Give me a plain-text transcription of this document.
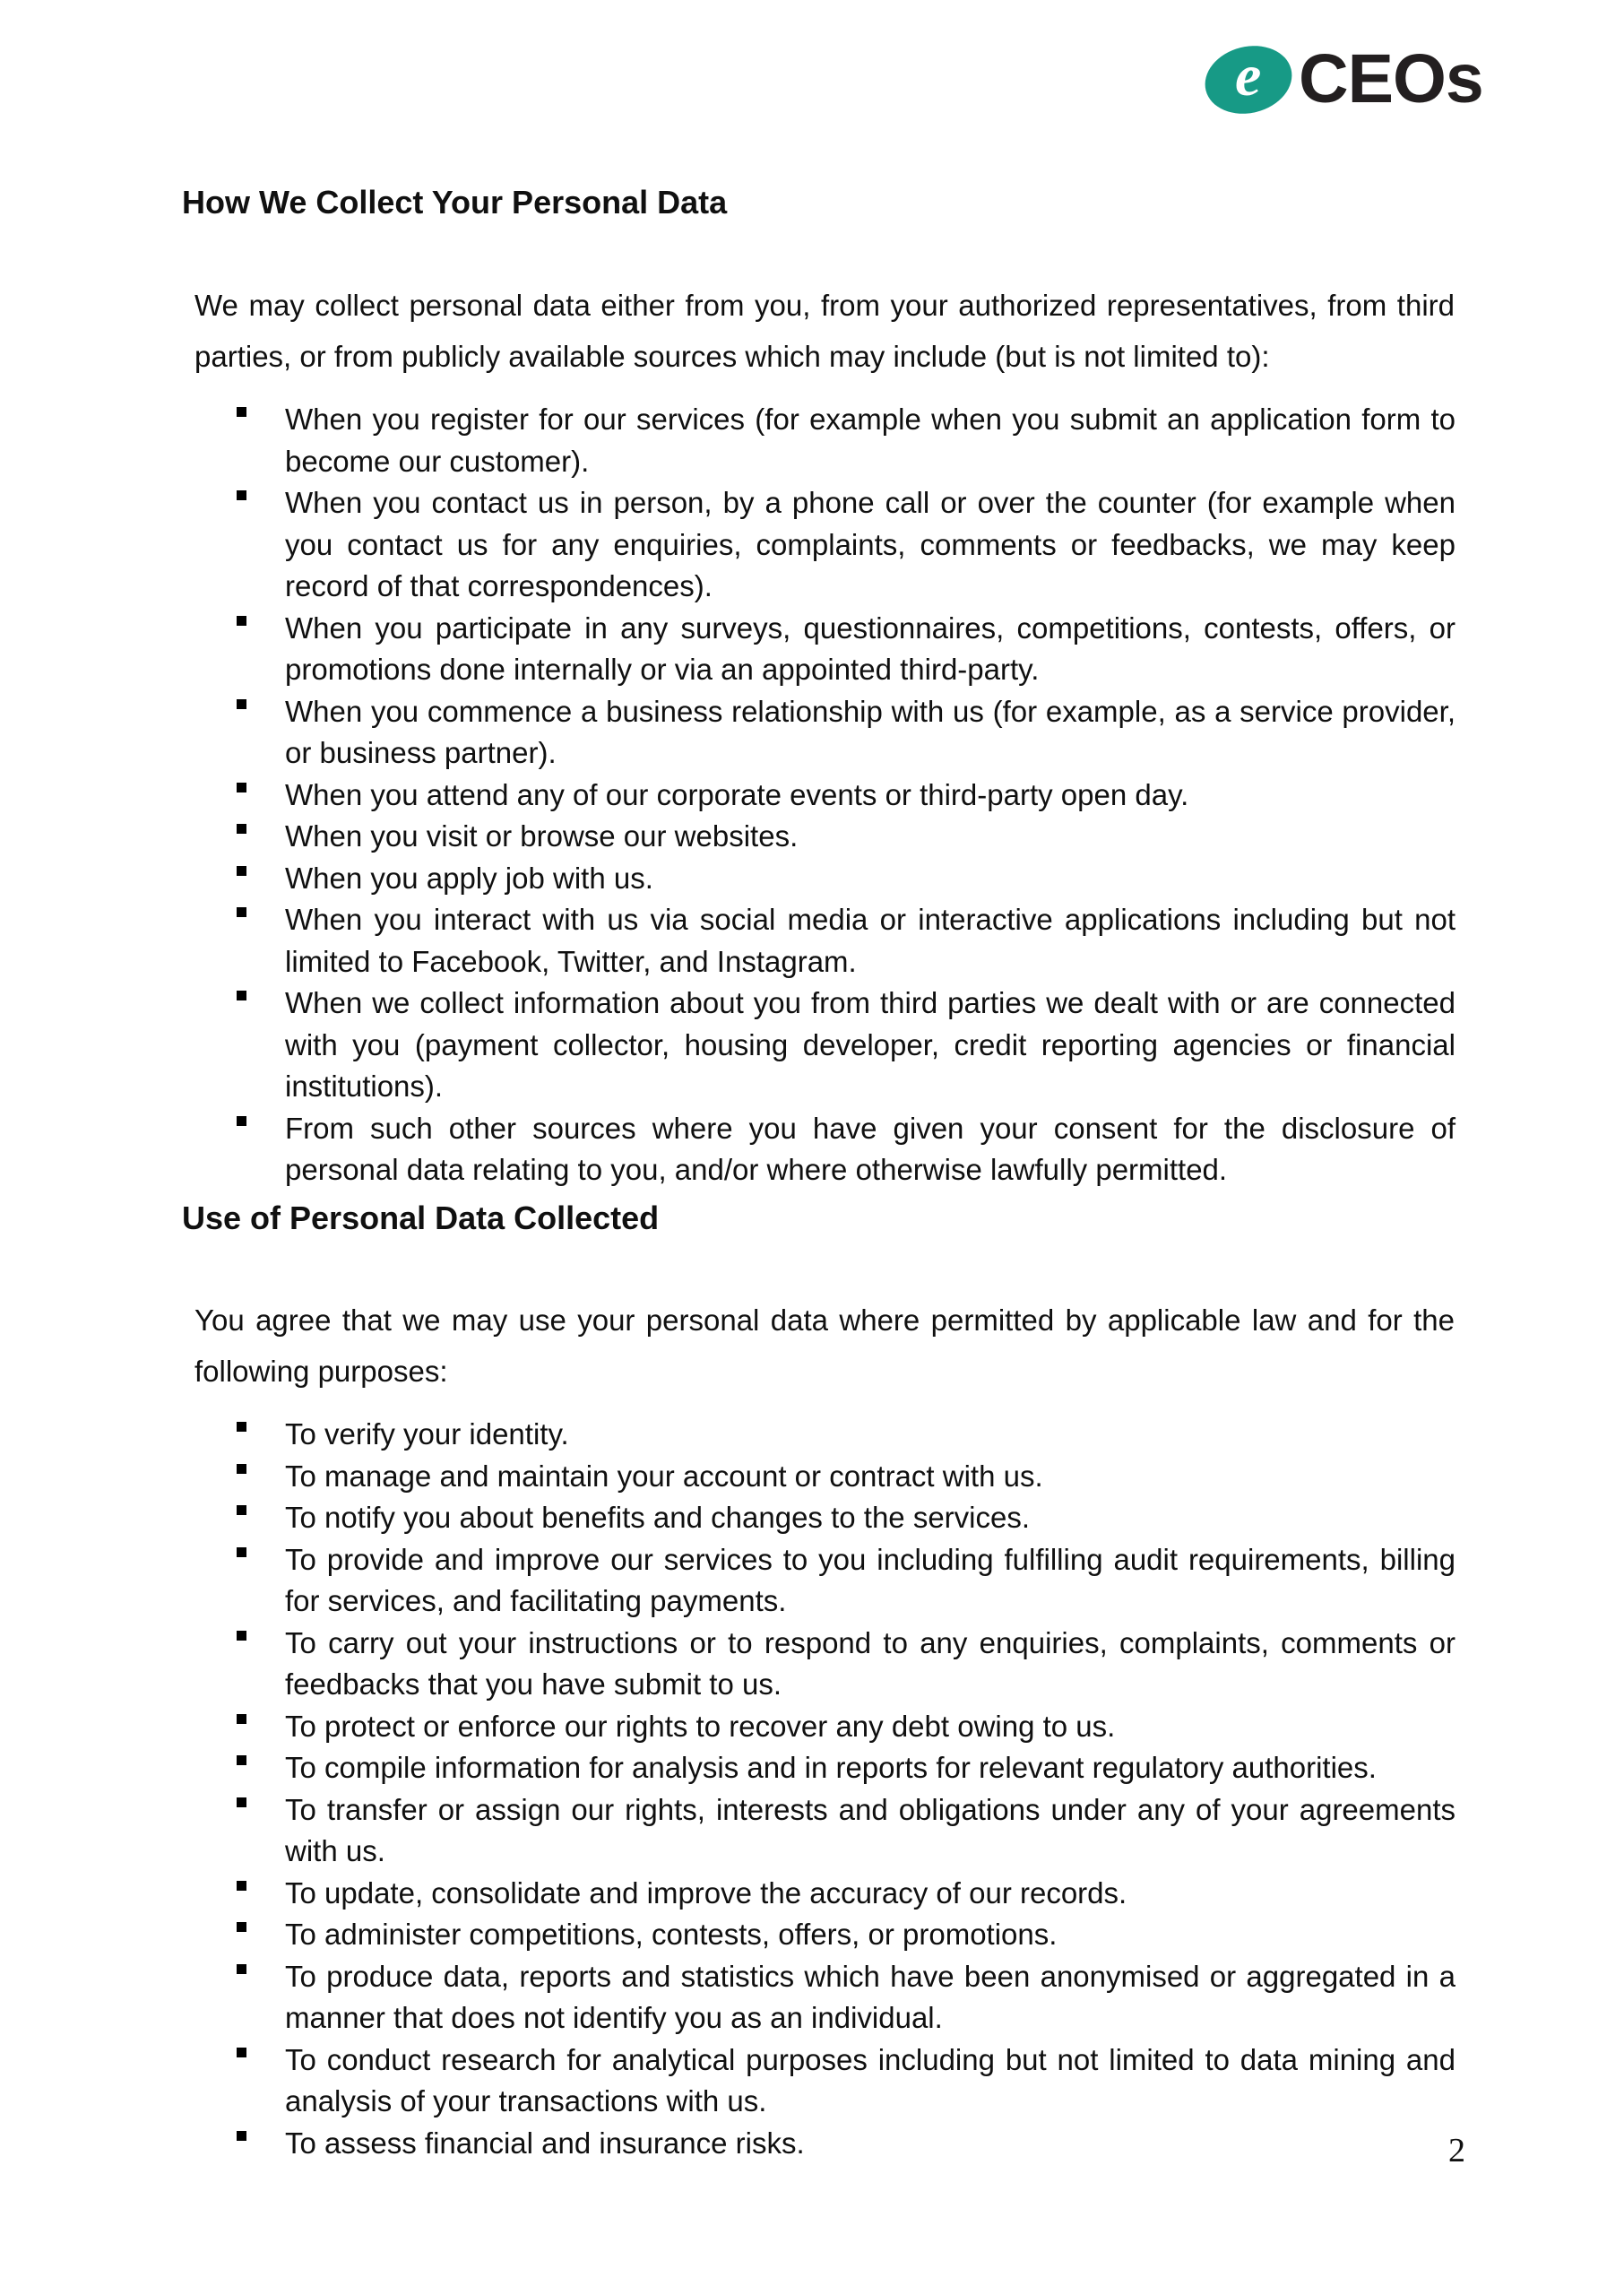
e CEOs
How We Collect Your Personal Data
We may collect personal data either from you, from your authorized representatives, from third parties, or from publicly available sources which may include (but is not limited to):
When you register for our services (for example when you submit an application form to become our customer).
When you contact us in person, by a phone call or over the counter (for example when you contact us for any enquiries, complaints, comments or feedbacks, we may keep record of that correspondences).
When you participate in any surveys, questionnaires, competitions, contests, offers, or promotions done internally or via an appointed third-party.
When you commence a business relationship with us (for example, as a service provider, or business partner).
When you attend any of our corporate events or third-party open day.
When you visit or browse our websites.
When you apply job with us.
When you interact with us via social media or interactive applications including but not limited to Facebook, Twitter, and Instagram.
When we collect information about you from third parties we dealt with or are connected with you (payment collector, housing developer, credit reporting agencies or financial institutions).
From such other sources where you have given your consent for the disclosure of personal data relating to you, and/or where otherwise lawfully permitted.
Use of Personal Data Collected
You agree that we may use your personal data where permitted by applicable law and for the following purposes:
To verify your identity.
To manage and maintain your account or contract with us.
To notify you about benefits and changes to the services.
To provide and improve our services to you including fulfilling audit requirements, billing for services, and facilitating payments.
To carry out your instructions or to respond to any enquiries, complaints, comments or feedbacks that you have submit to us.
To protect or enforce our rights to recover any debt owing to us.
To compile information for analysis and in reports for relevant regulatory authorities.
To transfer or assign our rights, interests and obligations under any of your agreements with us.
To update, consolidate and improve the accuracy of our records.
To administer competitions, contests, offers, or promotions.
To produce data, reports and statistics which have been anonymised or aggregated in a manner that does not identify you as an individual.
To conduct research for analytical purposes including but not limited to data mining and analysis of your transactions with us.
To assess financial and insurance risks.	2
